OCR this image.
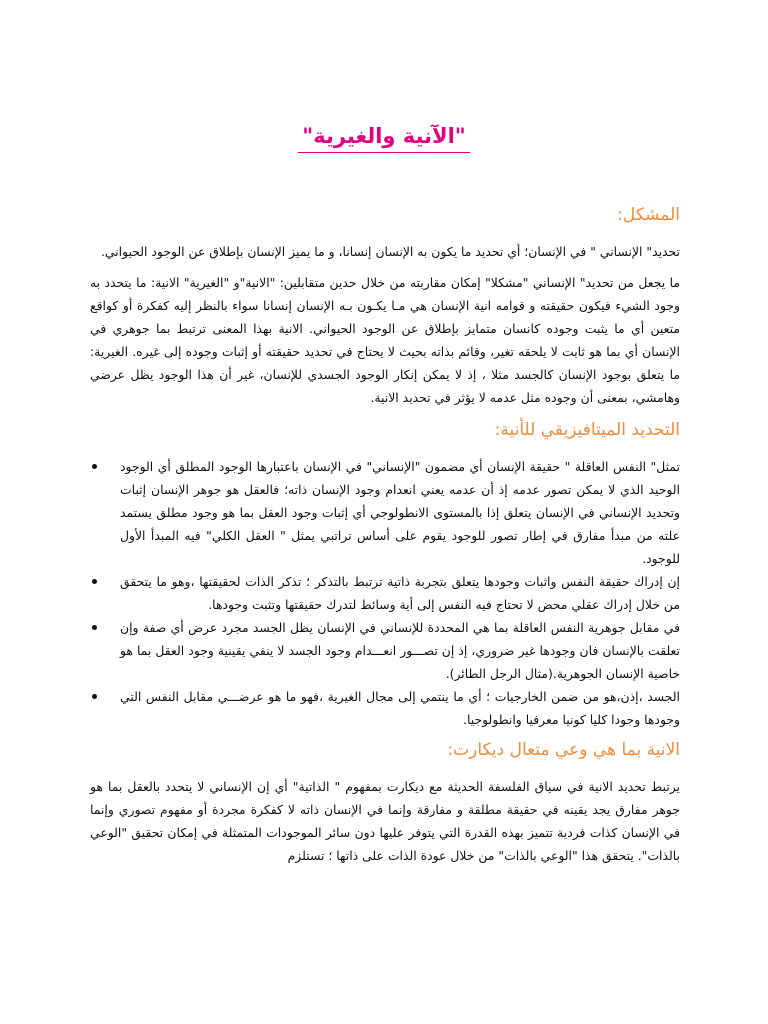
"الآنية والغيرية"
المشكل:

تحديد" الإنساني " في الإنسان؛ أي تحديد ما يكون به الإنسان إنسانا، و ما يميز الإنسان بإطلاق عن الوجود الحيواني.

ما يجعل من تحديد" الإنساني "مشكلا" إمكان مقاربته من خلال حدين متقابلين: "الانية"و "الغيرية" الانية: ما يتحدد به وجود الشيء فيكون حقيقته و قوامه انية الإنسان هي مـا يكـون بـه الإنسان إنسانا سواء بالنظر إليه كفكرة أو كواقع متعين أي ما يثبت وجوده كانسان متمايز بإطلاق عن الوجود الحيواني. الانية بهذا المعنى ترتبط بما جوهري في الإنسان أي بما هو ثابت لا يلحقه تغير، وقائم بذاته بحيث لا يحتاج في تحديد حقيقته أو إثبات وجوده إلى غيره. الغيرية: ما يتعلق بوجود الإنسان كالجسد مثلا ، إذ لا يمكن إنكار الوجود الجسدي للإنسان، غير أن هذا الوجود يظل عرضي وهامشي، بمعنى أن وجوده مثل عدمه لا يؤثر في تحديد الانية.

التحديد الميتافيزيقي للأنية:
تمثل" النفس العاقلة " حقيقة الإنسان أي مضمون "الإنساني" في الإنسان باعتبارها الوجود المطلق أي الوجود الوحيد الذي لا يمكن تصور عدمه إذ أن عدمه يعني انعدام وجود الإنسان ذاته؛ فالعقل هو جوهر الإنسان إثبات وتحديد الإنساني في الإنسان يتعلق إذا بالمستوى الانطولوجي أي إثبات وجود العقل بما هو وجود مطلق يستمد علته من مبدأ مفارق في إطار تصور للوجود يقوم على أساس تراتبي يمثل " العقل الكلي" فيه المبدأ الأول للوجود.
إن إدراك حقيقة النفس واثبات وجودها يتعلق بتجربة ذاتية ترتبط بالتذكر ؛ تذكر الذات لحقيقتها ،وهو ما يتحقق من خلال إدراك عقلي محض لا تحتاج فيه النفس إلى أية وسائط لتدرك حقيقتها وتثبت وجودها.
في مقابل جوهرية النفس العاقلة بما هي المحددة للإنساني في الإنسان يظل الجسد مجرد عرض أي صفة وإن تعلقت بالإنسان فان وجودها غير ضروري، إذ إن تصـــور انعـــدام وجود الجسد لا ينفي يقينية وجود العقل بما هو خاصية الإنسان الجوهرية.(مثال الرجل الطائر).
الجسد ،إذن،هو من ضمن الخارجيات ؛ أي ما ينتمي إلى مجال الغيرية ،فهو ما هو عرضـــي مقابل النفس التي وجودها وجودا كليا كونيا معرفيا وانطولوجيا.
الانية بما هي وعي متعال ديكارت:

يرتبط تحديد الانية في سياق الفلسفة الحديثة مع ديكارت بمفهوم " الذاتية" أي إن الإنساني لا يتحدد بالعقل بما هو جوهر مفارق يجد يقينه في حقيقة مطلقة و مفارقة وإنما في الإنسان ذاته لا كفكرة مجردة أو مفهوم تصوري وإنما في الإنسان كذات فردية تتميز بهذه القدرة التي يتوفر عليها دون سائر الموجودات المتمثلة في إمكان تحقيق "الوعي بالذات". يتحقق هذا "الوعي بالذات" من خلال عودة الذات على ذاتها ؛ تستلزم
